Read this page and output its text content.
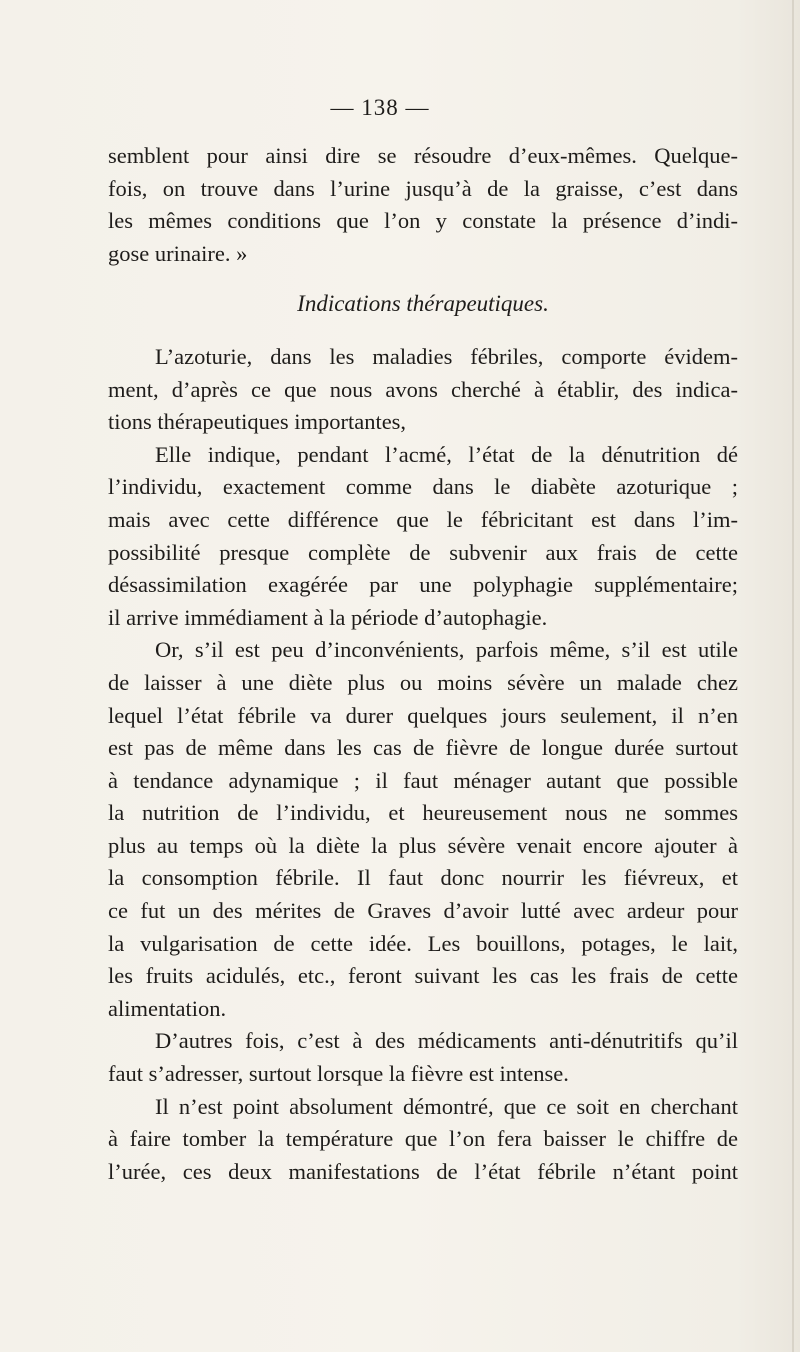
— 138 —
semblent pour ainsi dire se résoudre d’eux-mêmes. Quelque-
fois, on trouve dans l’urine jusqu’à de la graisse, c’est dans
les mêmes conditions que l’on y constate la présence d’indi-
gose urinaire. »
Indications thérapeutiques.
L’azoturie, dans les maladies fébriles, comporte évidem-
ment, d’après ce que nous avons cherché à établir, des indica-
tions thérapeutiques importantes,
Elle indique, pendant l’acmé, l’état de la dénutrition dé
l’individu, exactement comme dans le diabète azoturique ;
mais avec cette différence que le fébricitant est dans l’im-
possibilité presque complète de subvenir aux frais de cette
désassimilation exagérée par une polyphagie supplémentaire;
il arrive immédiament à la période d’autophagie.
Or, s’il est peu d’inconvénients, parfois même, s’il est utile
de laisser à une diète plus ou moins sévère un malade chez
lequel l’état fébrile va durer quelques jours seulement, il n’en
est pas de même dans les cas de fièvre de longue durée surtout
à tendance adynamique ; il faut ménager autant que possible
la nutrition de l’individu, et heureusement nous ne sommes
plus au temps où la diète la plus sévère venait encore ajouter à
la consomption fébrile. Il faut donc nourrir les fiévreux, et
ce fut un des mérites de Graves d’avoir lutté avec ardeur pour
la vulgarisation de cette idée. Les bouillons, potages, le lait,
les fruits acidulés, etc., feront suivant les cas les frais de cette
alimentation.
D’autres fois, c’est à des médicaments anti-dénutritifs qu’il
faut s’adresser, surtout lorsque la fièvre est intense.
Il n’est point absolument démontré, que ce soit en cherchant
à faire tomber la température que l’on fera baisser le chiffre de
l’urée, ces deux manifestations de l’état fébrile n’étant point
